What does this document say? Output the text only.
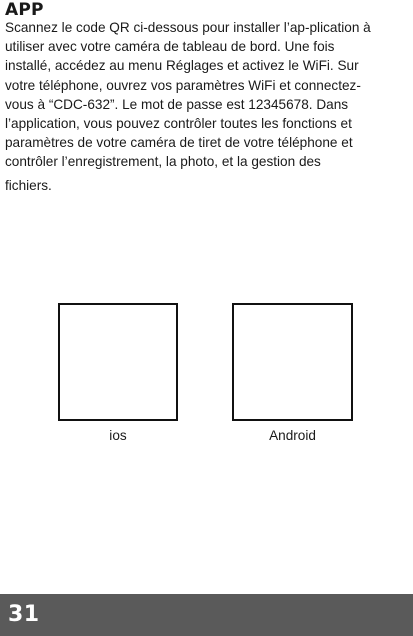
APP

Scannez le code QR ci-dessous pour installer l’ap-plication à utiliser avec votre caméra de tableau de bord. Une fois installé, accédez au menu Réglages et activez le WiFi. Sur votre téléphone, ouvrez vos paramètres WiFi et connectez-vous à “CDC-632”. Le mot de passe est 12345678. Dans l’application, vous pouvez contrôler toutes les fonctions et paramètres de votre caméra de tiret de votre téléphone et contrôler l’enregistrement, la photo, et la gestion des

fichiers.

ios	Android
31
